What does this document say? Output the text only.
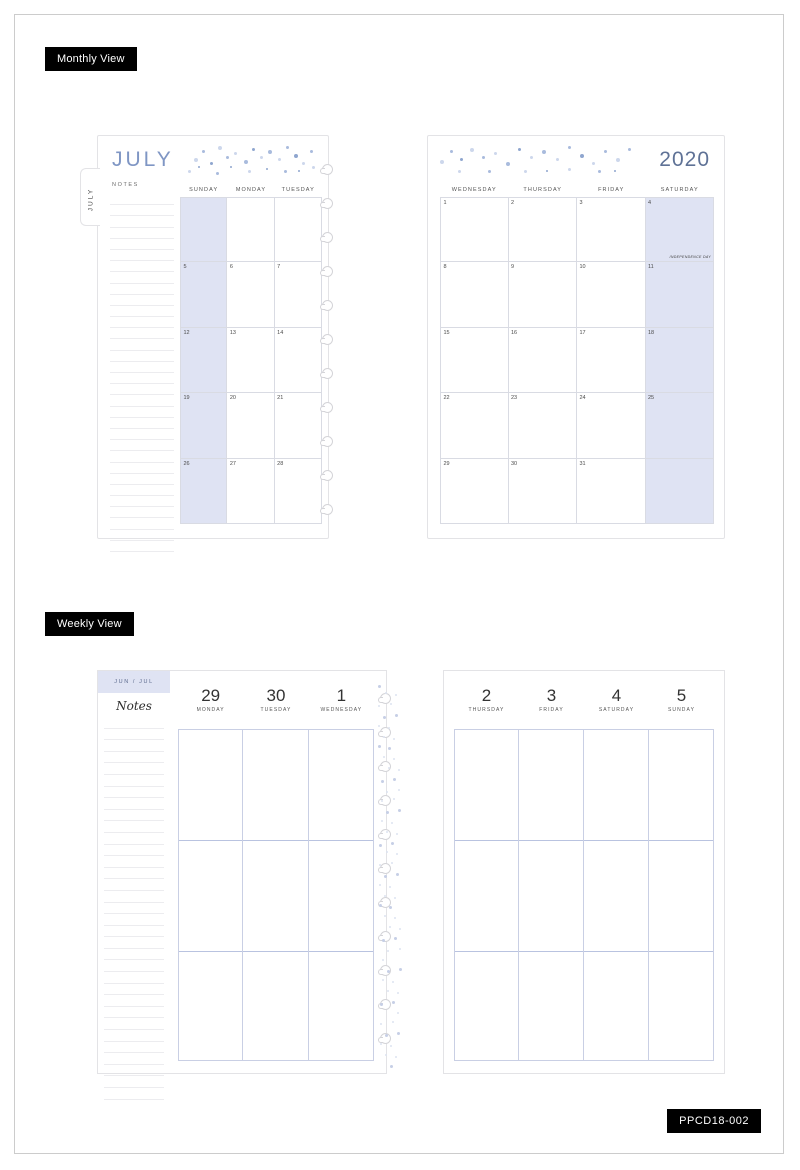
Monthly View
Weekly View
PPCD18-002
JULY
JULY
NOTES
SUNDAY	MONDAY	TUESDAY
5	6	7
12	13	14
19	20	21
26	27	28
2020
WEDNESDAY	THURSDAY	FRIDAY	SATURDAY
1	2	3	4
INDEPENDENCE DAY
8	9	10	11
15	16	17	18
22	23	24	25
29	30	31
JUN / JUL
Notes
29
MONDAY
30
TUESDAY
1
WEDNESDAY
2
THURSDAY
3
FRIDAY
4
SATURDAY
5
SUNDAY
